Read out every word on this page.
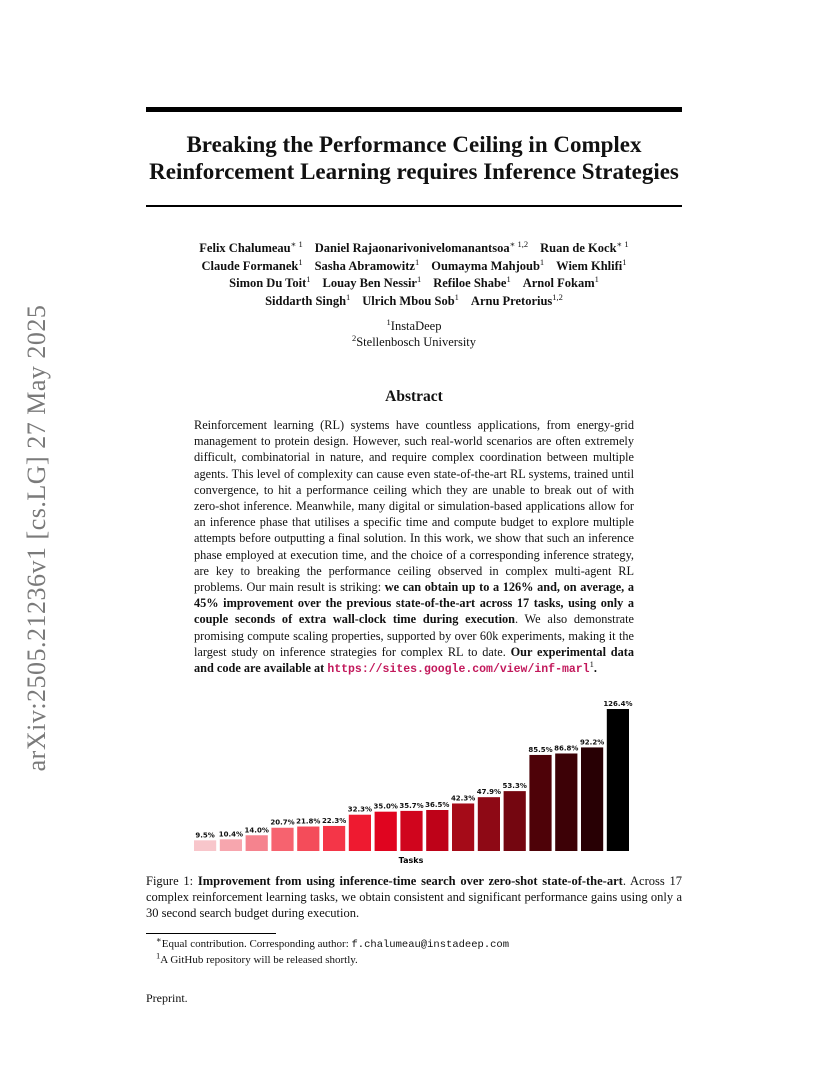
arXiv:2505.21236v1 [cs.LG] 27 May 2025
Breaking the Performance Ceiling in Complex
Reinforcement Learning requires Inference Strategies
Felix Chalumeau$^{∗ 1}$ Daniel Rajaonarivonivelomanantsoa$^{∗ 1,2}$ Ruan de Kock$^{∗ 1}$
Claude Formanek$^1$ Sasha Abramowitz$^1$ Oumayma Mahjoub$^1$ Wiem Khlifi$^1$
Simon Du Toit$^1$ Louay Ben Nessir$^1$ Refiloe Shabe$^1$ Arnol Fokam$^1$
Siddarth Singh$^1$ Ulrich Mbou Sob$^1$ Arnu Pretorius$^{1,2}$
$^1$InstaDeep
$^2$Stellenbosch University
Abstract
Reinforcement learning (RL) systems have countless applications, from energy-grid management to protein design. However, such real-world scenarios are often extremely difficult, combinatorial in nature, and require complex coordination between multiple agents. This level of complexity can cause even state-of-the-art RL systems, trained until convergence, to hit a performance ceiling which they are unable to break out of with zero-shot inference. Meanwhile, many digital or simulation-based applications allow for an inference phase that utilises a specific time and compute budget to explore multiple attempts before outputting a final solution. In this work, we show that such an inference phase employed at execution time, and the choice of a corresponding inference strategy, are key to breaking the performance ceiling observed in complex multi-agent RL problems. Our main result is striking: we can obtain up to a 126% and, on average, a 45% improvement over the previous state-of-the-art across 17 tasks, using only a couple seconds of extra wall-clock time during execution. We also demonstrate promising compute scaling properties, supported by over 60k experiments, making it the largest study on inference strategies for complex RL to date. Our experimental data and code are available at https://sites.google.com/view/inf-marl$^1$.
9.5% 10.4%
14.0%
20.7% 21.8% 22.3%
32.3% 35.0% 35.7% 36.5%
42.3%
47.9%
53.3%
85.5% 86.8%
92.2%
126.4%
Tasks
Figure 1: Improvement from using inference-time search over zero-shot state-of-the-art. Across 17 complex reinforcement learning tasks, we obtain consistent and significant performance gains using only a 30 second search budget during execution.
∗Equal contribution. Corresponding author: f.chalumeau@instadeep.com
$^1$A GitHub repository will be released shortly.
Preprint.
